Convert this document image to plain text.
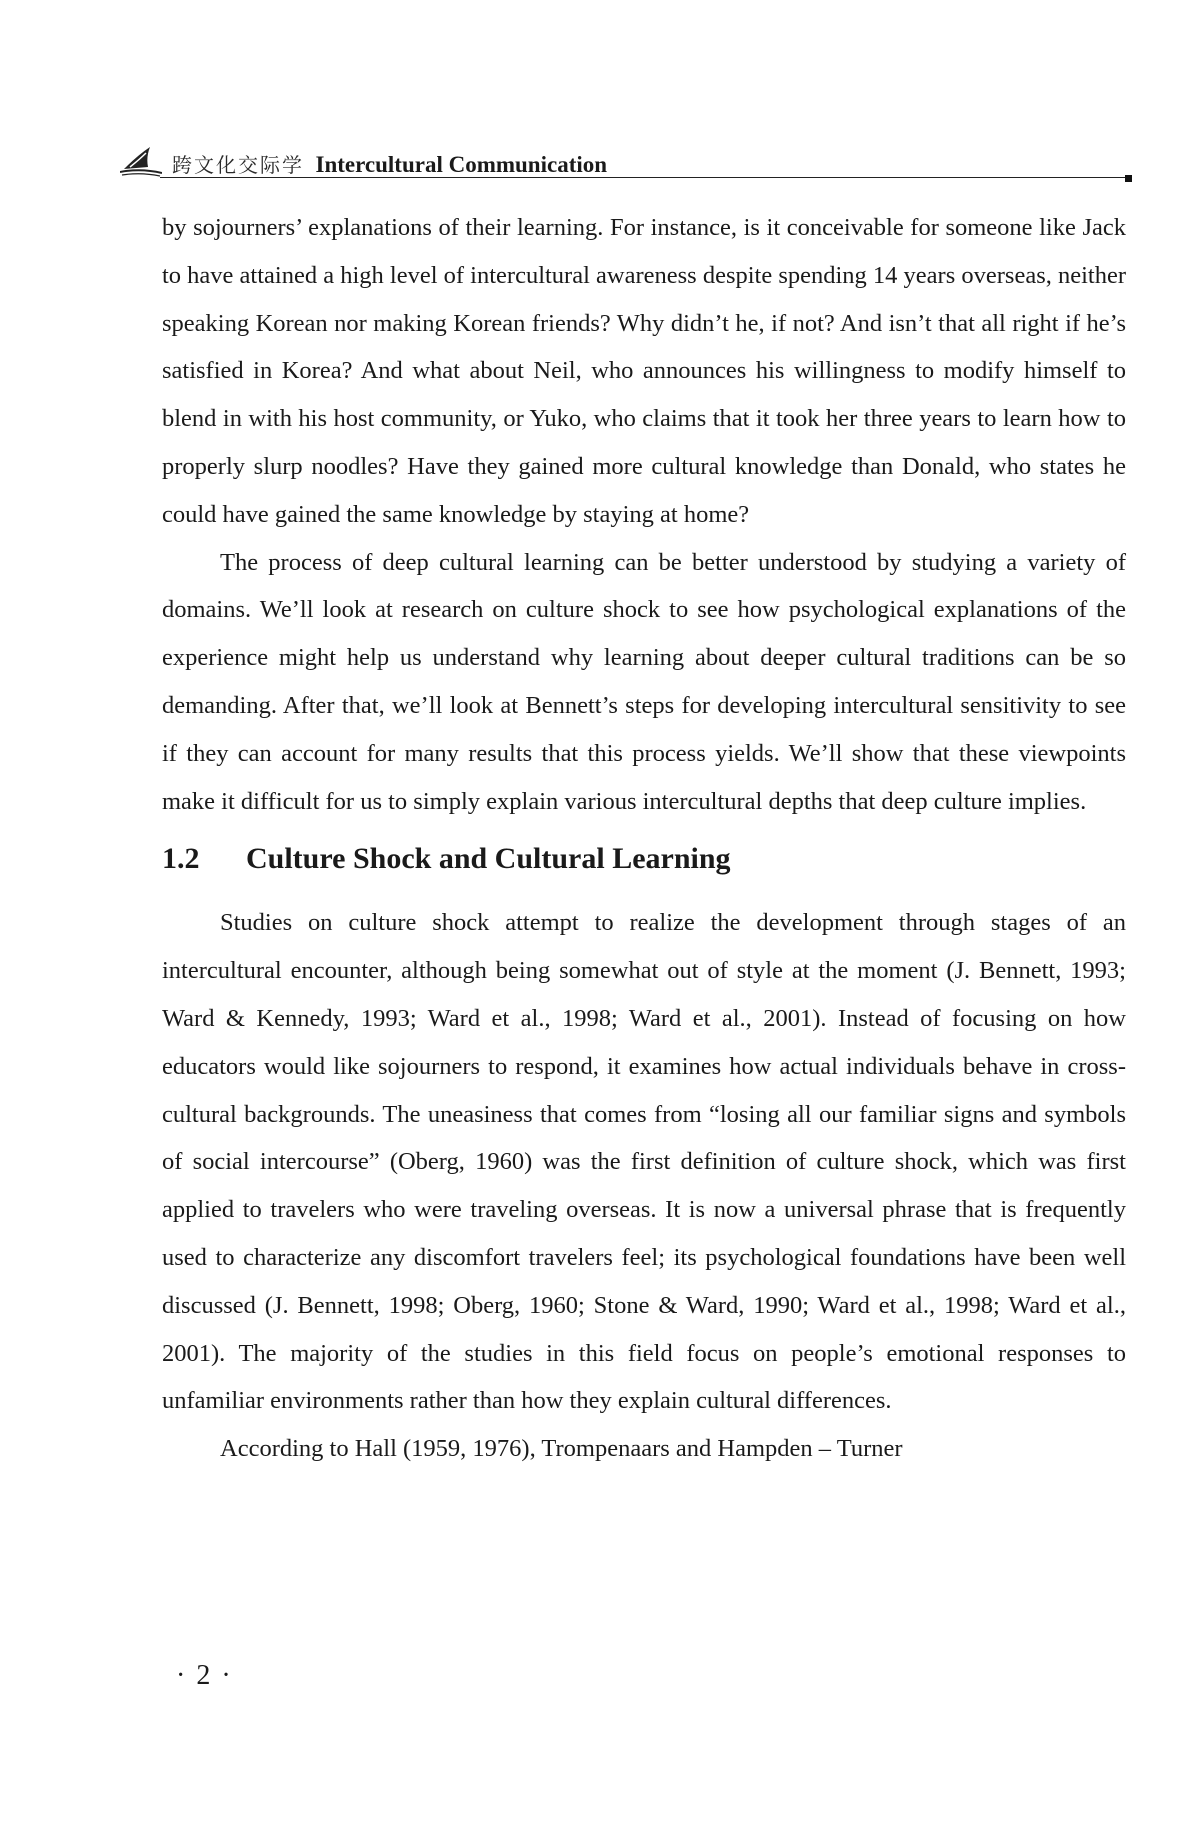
跨文化交际学 Intercultural Communication

by sojourners’ explanations of their learning. For instance, is it conceivable for someone like Jack to have attained a high level of intercultural awareness despite spending 14 years overseas, neither speaking Korean nor making Korean friends? Why didn’t he, if not? And isn’t that all right if he’s satisfied in Korea? And what about Neil, who announces his willingness to modify himself to blend in with his host community, or Yuko, who claims that it took her three years to learn how to properly slurp noodles? Have they gained more cultural knowledge than Donald, who states he could have gained the same knowledge by staying at home?

The process of deep cultural learning can be better understood by studying a variety of domains. We’ll look at research on culture shock to see how psychological explanations of the experience might help us understand why learning about deeper cultural traditions can be so demanding. After that, we’ll look at Bennett’s steps for developing intercultural sensitivity to see if they can account for many results that this process yields. We’ll show that these viewpoints make it difficult for us to simply explain various intercultural depths that deep culture implies.

1.2 Culture Shock and Cultural Learning

Studies on culture shock attempt to realize the development through stages of an intercultural encounter, although being somewhat out of style at the moment (J. Bennett, 1993; Ward & Kennedy, 1993; Ward et al., 1998; Ward et al., 2001). Instead of focusing on how educators would like sojourners to respond, it examines how actual individuals behave in cross-cultural backgrounds. The uneasiness that comes from “losing all our familiar signs and symbols of social intercourse” (Oberg, 1960) was the first definition of culture shock, which was first applied to travelers who were traveling overseas. It is now a universal phrase that is frequently used to characterize any discomfort travelers feel; its psychological foundations have been well discussed (J. Bennett, 1998; Oberg, 1960; Stone & Ward, 1990; Ward et al., 1998; Ward et al., 2001). The majority of the studies in this field focus on people’s emotional responses to unfamiliar environments rather than how they explain cultural differences.

According to Hall (1959, 1976), Trompenaars and Hampden – Turner

· 2 ·
